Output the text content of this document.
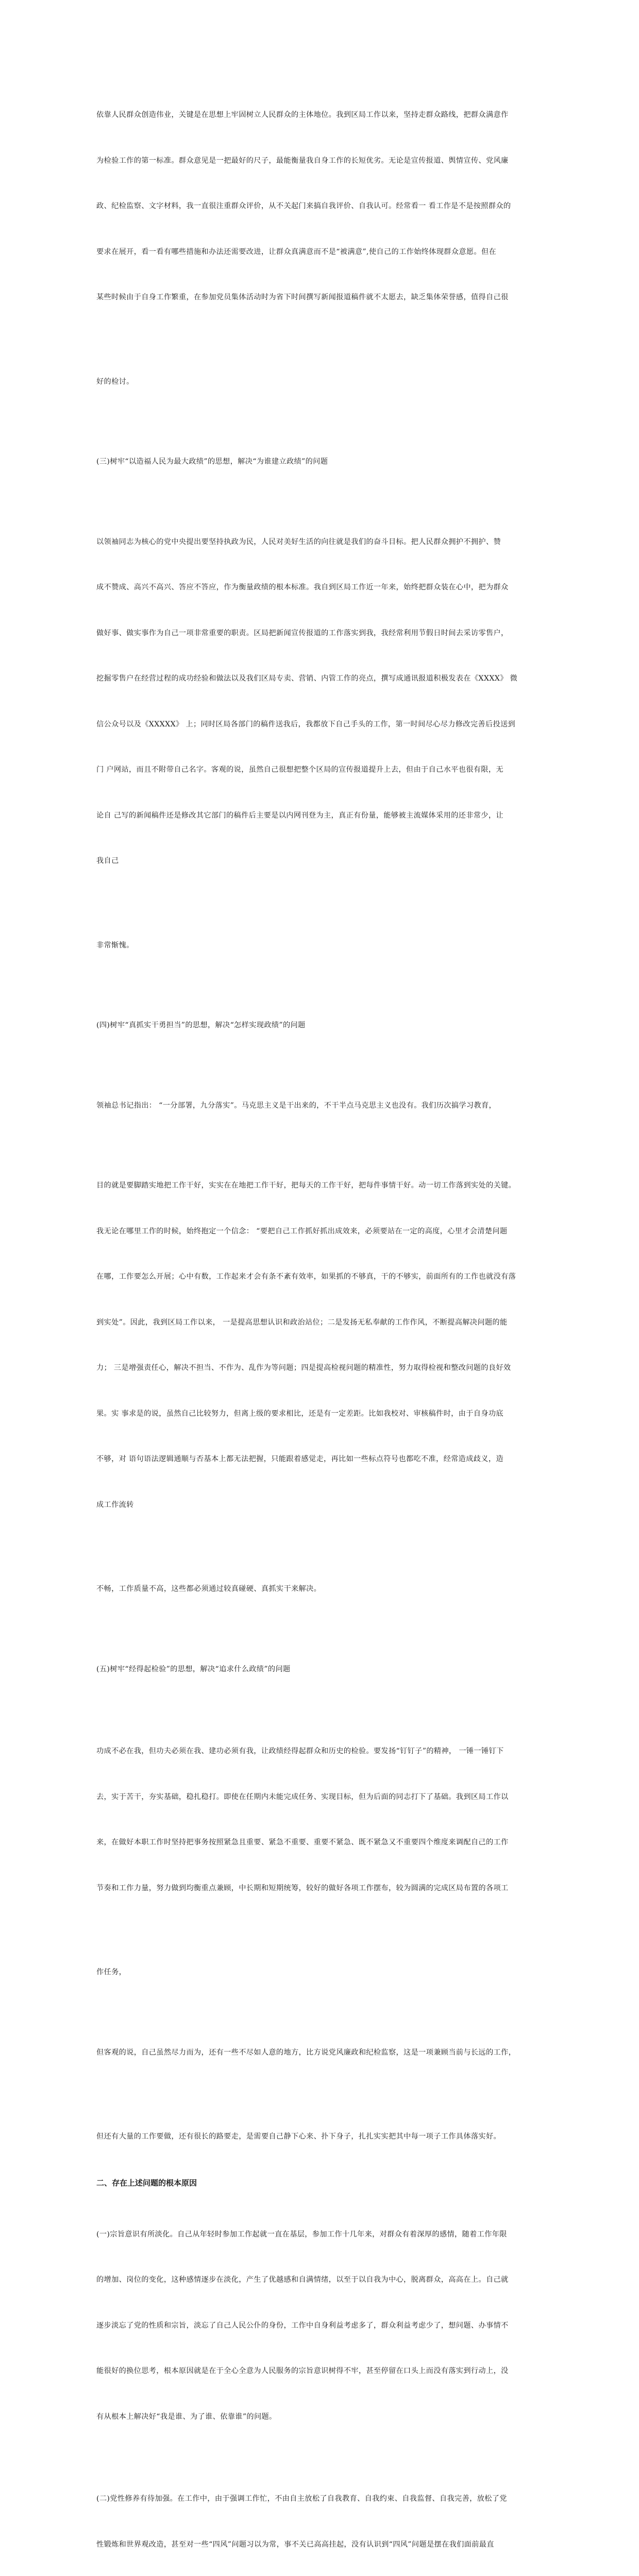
依靠人民群众创造伟业，关键是在思想上牢固树立人民群众的主体地位。我到区局工作以来，坚持走群众路线，把群众满意作

为检验工作的第一标准。群众意见是一把最好的尺子，最能衡量我自身工作的长短优劣。无论是宣传报道、舆情宣传、党风廉

政、纪检监察、文字材料，我一直很注重群众评价，从不关起门来搞自我评价、自我认可。经常看一 看工作是不是按照群众的

要求在展开，看一看有哪些措施和办法还需要改进，让群众真满意而不是“被满意”,使自己的工作始终体现群众意愿。但在

某些时候由于自身工作繁重，在参加党员集体活动时为省下时间撰写新闻报道稿件就不太愿去，缺乏集体荣誉感，值得自己很

好的检讨。

(三)树牢“以造福人民为最大政绩”的思想，解决“为谁建立政绩”的问题

以领袖同志为核心的党中央提出要坚持执政为民，人民对美好生活的向往就是我们的奋斗目标。把人民群众拥护不拥护、赞

成不赞成、高兴不高兴、答应不答应，作为衡量政绩的根本标准。我自到区局工作近一年来，始终把群众装在心中，把为群众

做好事、做实事作为自己一项非常重要的职责。区局把新闻宣传报道的工作落实到我，我经常利用节假日时间去采访零售户，

挖掘零售户在经营过程的成功经验和做法以及我们区局专卖、营销、内管工作的亮点，撰写成通讯报道积极发表在《XXXX》 微

信公众号以及《XXXXX》 上；同时区局各部门的稿件送我后，我都放下自己手头的工作，第一时间尽心尽力修改完善后投送到

门 户网站，而且不附带自己名字。客观的说，虽然自己很想把整个区局的宣传报道提升上去，但由于自己水平也很有限，无

论自 己写的新闻稿件还是修改其它部门的稿件后主要是以内网刊登为主，真正有份量，能够被主流媒体采用的还非常少，让

我自己

非常惭愧。

(四)树牢“真抓实干勇担当”的思想，解决“怎样实现政绩”的问题

领袖总书记指出： “一分部署，九分落实”。马克思主义是干出来的，不干半点马克思主义也没有。我们历次搞学习教育，

目的就是要脚踏实地把工作干好，实实在在地把工作干好，把每天的工作干好，把每件事情干好。动一切工作落到实处的关键。

我无论在哪里工作的时候，始终抱定一个信念： “要把自己工作抓好抓出成效来，必须要站在一定的高度，心里才会清楚问题

在哪，工作要怎么开展；心中有数，工作起来才会有条不紊有效率，如果抓的不够真，干的不够实，前面所有的工作也就没有落

到实处”。因此，我到区局工作以来， 一是提高思想认识和政治站位；二是发扬无私奉献的工作作风，不断提高解决问题的能

力； 三是增强责任心，解决不担当、不作为、乱作为等问题；四是提高检视问题的精准性，努力取得检视和整改问题的良好效

果。实 事求是的说，虽然自己比较努力，但离上级的要求相比，还是有一定差距。比如我校对、审核稿件时，由于自身功底

不够，对 语句语法逻辑通顺与否基本上都无法把握，只能跟着感觉走，再比如一些标点符号也都吃不准，经常造成歧义，造

成工作流转

不畅，工作质量不高，这些都必须通过较真碰硬、真抓实干来解决。

(五)树牢“经得起检验”的思想，解决“追求什么政绩”的问题

功成不必在我，但功夫必须在我、建功必须有我，让政绩经得起群众和历史的检验。要发扬“钉钉子”的精神， 一锤一锤钉下

去，实于苦干，夯实基础，稳扎稳打。即使在任期内未能完成任务、实现目标，但为后面的同志打下了基础。我到区局工作以

来，在做好本职工作时坚持把事务按照紧急且重要、紧急不重要、重要不紧急、既不紧急又不重要四个维度来调配自己的工作

节奏和工作力量，努力做到均衡重点兼顾，中长期和短期统筹，较好的做好各项工作摆布，较为圆满的完成区局布置的各项工

作任务，

但客观的说，自己虽然尽力而为，还有一些不尽如人意的地方，比方说党风廉政和纪检监察，这是一项兼顾当前与长远的工作，

但还有大量的工作要做，还有很长的路要走，是需要自己静下心来、扑下身子，扎扎实实把其中每一项子工作具体落实好。

二、存在上述问题的根本原因

(一)宗旨意识有所淡化。自己从年轻时参加工作起就一直在基层，参加工作十几年来，对群众有着深厚的感情，随着工作年限

的增加、岗位的变化，这种感情逐步在淡化，产生了优越感和自满情绪，以至于以自我为中心，脱离群众，高高在上。自己就

逐步淡忘了党的性质和宗旨，淡忘了自己人民公仆的身份，工作中自身利益考虑多了，群众利益考虑少了，想问题、办事情不

能很好的换位思考，根本原因就是在于全心全意为人民服务的宗旨意识树得不牢，甚至停留在口头上而没有落实到行动上，没

有从根本上解决好“我是谁、为了谁、依靠谁”的问题。

(二)党性修养有待加强。在工作中，由于强调工作忙，不由自主放松了自我教育、自我约束、自我监督、自我完善，放松了党

性锻炼和世界观改造，甚至对一些“四风”问题习以为常，事不关已高高挂起，没有认识到“四风”问题是摆在我们面前最直
